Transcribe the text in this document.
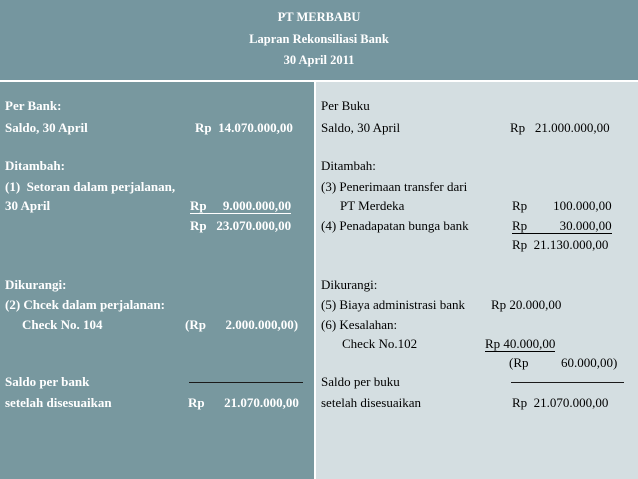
PT MERBABU
Lapran Rekonsiliasi Bank
30 April 2011
Per Bank:
Saldo, 30 April	Rp  14.070.000,00
Ditambah:
(1)  Setoran dalam perjalanan,
30 April	Rp     9.000.000,00
Rp   23.070.000,00
Dikurangi:
(2) Chcek dalam perjalanan:
Check No. 104	(Rp      2.000.000,00)
Saldo per bank
setelah disesuaikan	Rp      21.070.000,00
Per Buku
Saldo, 30 April	Rp   21.000.000,00
Ditambah:
(3) Penerimaan transfer dari
PT Merdeka	Rp        100.000,00
(4) Penadapatan bunga bank	Rp          30.000,00
Rp  21.130.000,00
Dikurangi:
(5) Biaya administrasi bank Rp 20.000,00
(6) Kesalahan:
Check No.102	Rp 40.000,00
(Rp          60.000,00)
Saldo per buku
setelah disesuaikan	Rp  21.070.000,00
